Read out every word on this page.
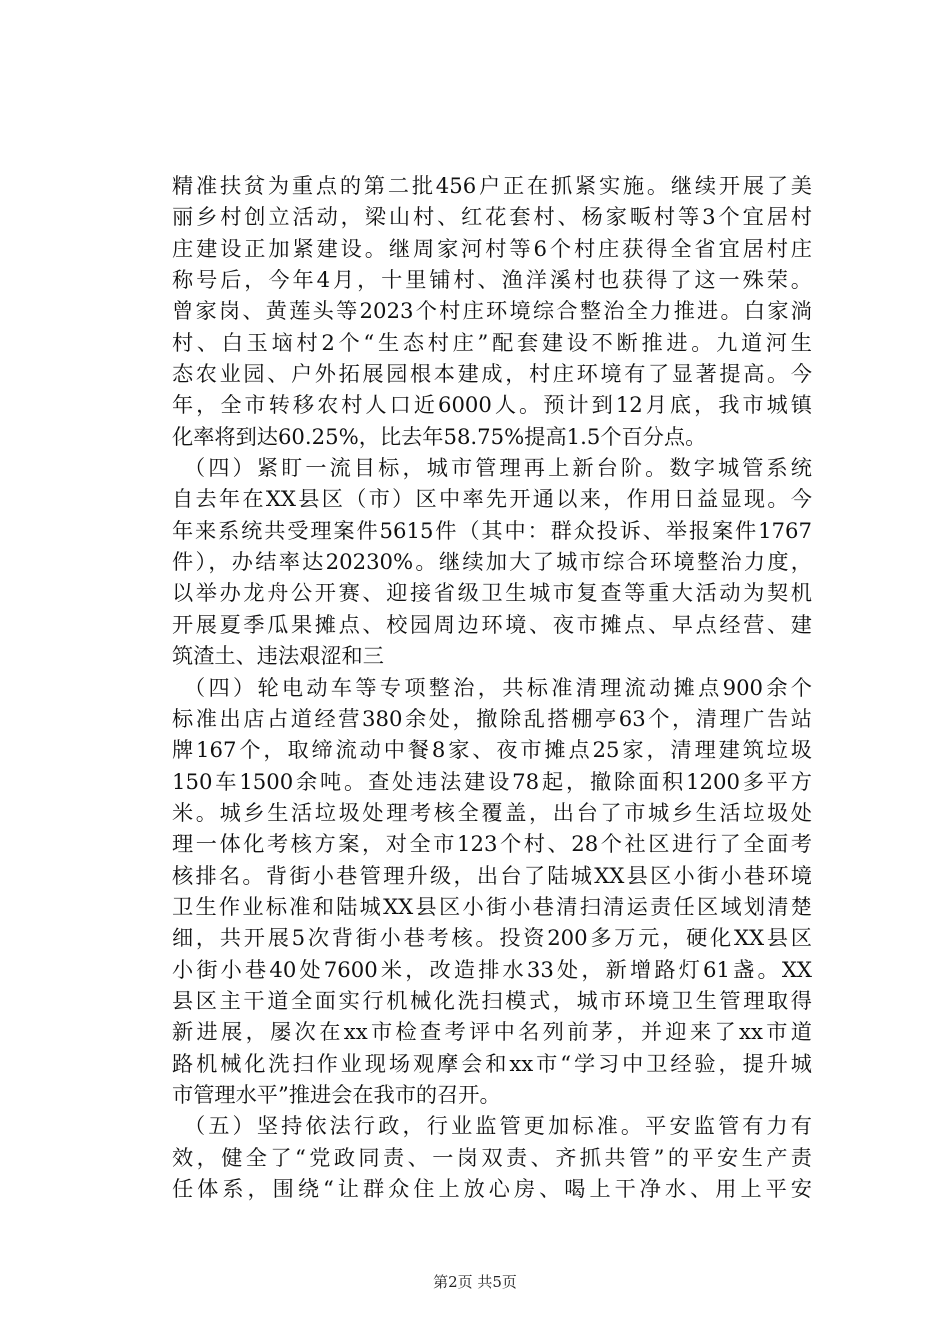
精准扶贫为重点的第二批456户正在抓紧实施。继续开展了美
丽乡村创立活动，梁山村、红花套村、杨家畈村等3个宜居村
庄建设正加紧建设。继周家河村等6个村庄获得全省宜居村庄
称号后，今年4月，十里铺村、渔洋溪村也获得了这一殊荣。
曾家岗、黄莲头等2023个村庄环境综合整治全力推进。白家淌
村、白玉垴村2个“生态村庄”配套建设不断推进。九道河生
态农业园、户外拓展园根本建成，村庄环境有了显著提高。今
年，全市转移农村人口近6000人。预计到12月底，我市城镇
化率将到达60.25%，比去年58.75%提高1.5个百分点。
（四）紧盯一流目标，城市管理再上新台阶。数字城管系统
自去年在XX县区（市）区中率先开通以来，作用日益显现。今
年来系统共受理案件5615件（其中：群众投诉、举报案件1767
件），办结率达20230%。继续加大了城市综合环境整治力度，
以举办龙舟公开赛、迎接省级卫生城市复查等重大活动为契机
开展夏季瓜果摊点、校园周边环境、夜市摊点、早点经营、建
筑渣土、违法艰涩和三
（四）轮电动车等专项整治，共标准清理流动摊点900余个
标准出店占道经营380余处，撤除乱搭棚亭63个，清理广告站
牌167个，取缔流动中餐8家、夜市摊点25家，清理建筑垃圾
150车1500余吨。查处违法建设78起，撤除面积1200多平方
米。城乡生活垃圾处理考核全覆盖，出台了市城乡生活垃圾处
理一体化考核方案，对全市123个村、28个社区进行了全面考
核排名。背街小巷管理升级，出台了陆城XX县区小街小巷环境
卫生作业标准和陆城XX县区小街小巷清扫清运责任区域划清楚
细，共开展5次背街小巷考核。投资200多万元，硬化XX县区
小街小巷40处7600米，改造排水33处，新增路灯61盏。XX
县区主干道全面实行机械化洗扫模式，城市环境卫生管理取得
新进展，屡次在xx市检查考评中名列前茅，并迎来了xx市道
路机械化洗扫作业现场观摩会和xx市“学习中卫经验，提升城
市管理水平”推进会在我市的召开。
（五）坚持依法行政，行业监管更加标准。平安监管有力有
效，健全了“党政同责、一岗双责、齐抓共管”的平安生产责
任体系，围绕“让群众住上放心房、喝上干净水、用上平安
第2页 共5页
